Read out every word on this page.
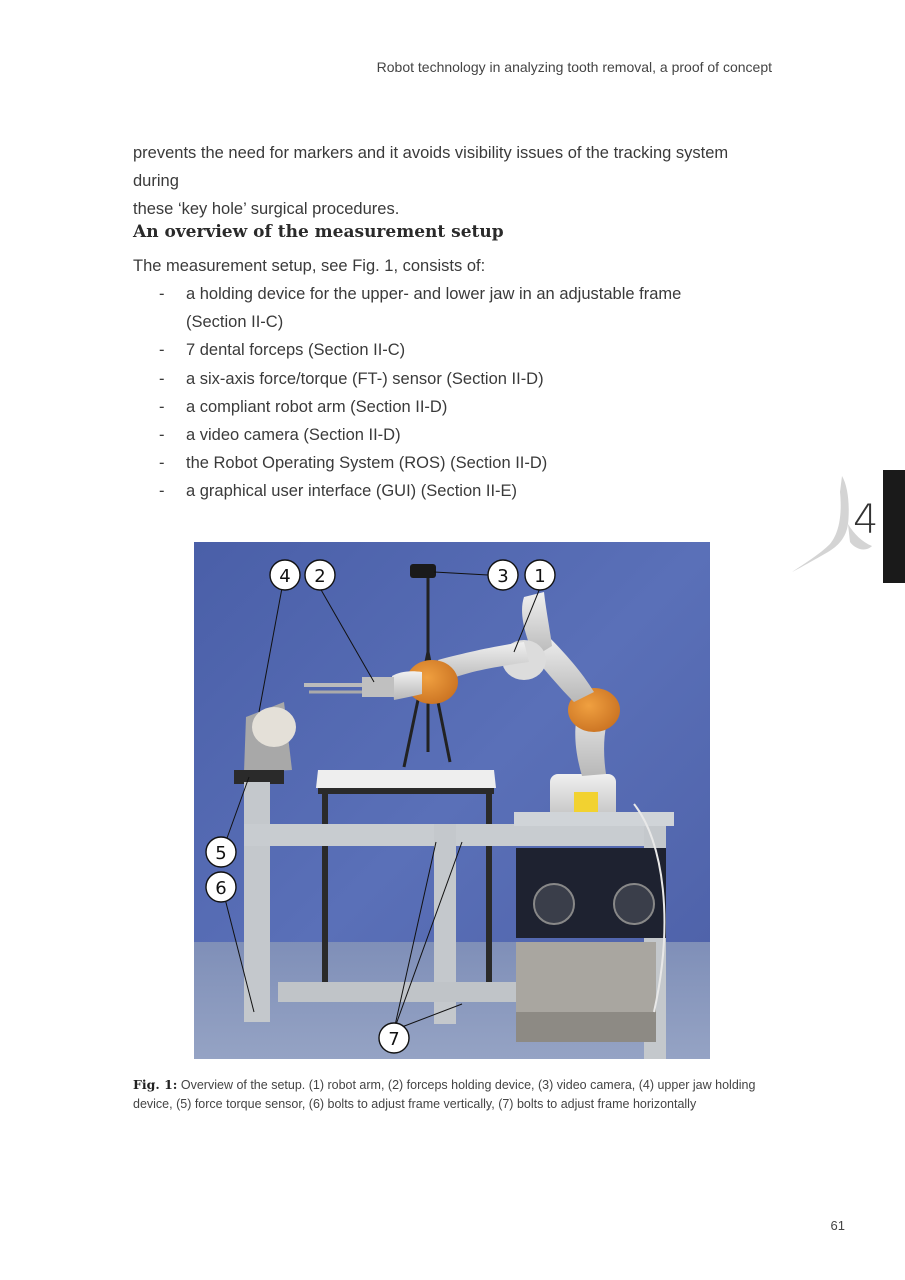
Robot technology in analyzing tooth removal, a proof of concept
prevents the need for markers and it avoids visibility issues of the tracking system during
these ‘key hole’ surgical procedures.
An overview of the measurement setup
The measurement setup, see Fig. 1, consists of:
- a holding device for the upper- and lower jaw in an adjustable frame
(Section II-C)
- 7 dental forceps (Section II-C)
- a six-axis force/torque (FT-) sensor (Section II-D)
- a compliant robot arm (Section II-D)
- a video camera (Section II-D)
- the Robot Operating System (ROS) (Section II-D)
- a graphical user interface (GUI) (Section II-E)
4
4 2	3 1
5
6
7
Fig. 1: Overview of the setup. (1) robot arm, (2) forceps holding device, (3) video camera, (4) upper jaw holding device, (5) force torque sensor, (6) bolts to adjust frame vertically, (7) bolts to adjust frame horizontally
61
